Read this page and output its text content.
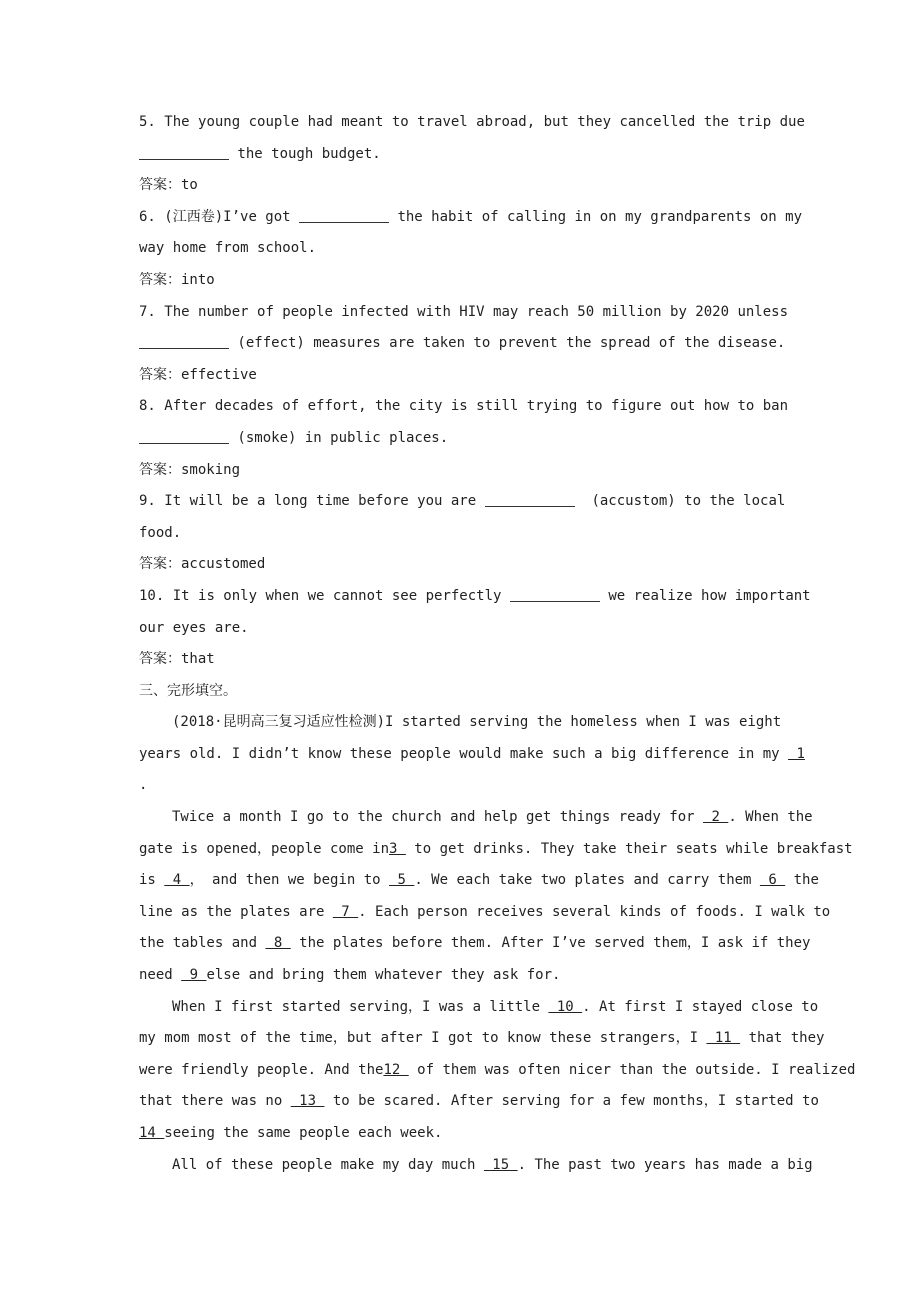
5. The young couple had meant to travel abroad, but they cancelled the trip due
the tough budget.
答案：to
6. (江西卷)I’ve got	the habit of calling in on my grandparents on my
way home from school.
答案：into
7. The number of people infected with HIV may reach 50 million by 2020 unless
(effect) measures are taken to prevent the spread of the disease.
答案：effective
8. After decades of effort, the city is still trying to figure out how to ban
(smoke) in public places.
答案：smoking
9. It will be a long time before you are	(accustom) to the local
food.
答案：accustomed
10. It is only when we cannot see perfectly	we realize how important
our eyes are.
答案：that
三、完形填空。
(2018·昆明高三复习适应性检测)I started serving the homeless when I was eight
years old. I didn’t know these people would make such a big difference in my  1
.
Twice a month I go to the church and help get things ready for  2 . When the
gate is opened，people come in3  to get drinks. They take their seats while breakfast
is  4 ， and then we begin to  5 . We each take two plates and carry them  6  the
line as the plates are  7 . Each person receives several kinds of foods. I walk to
the tables and  8  the plates before them. After I’ve served them，I ask if they
need  9 else and bring them whatever they ask for.
When I first started serving，I was a little  10 . At first I stayed close to
my mom most of the time，but after I got to know these strangers，I  11  that they
were friendly people. And the12  of them was often nicer than the outside. I realized
that there was no  13  to be scared. After serving for a few months，I started to
14 seeing the same people each week.
All of these people make my day much  15 . The past two years has made a big
